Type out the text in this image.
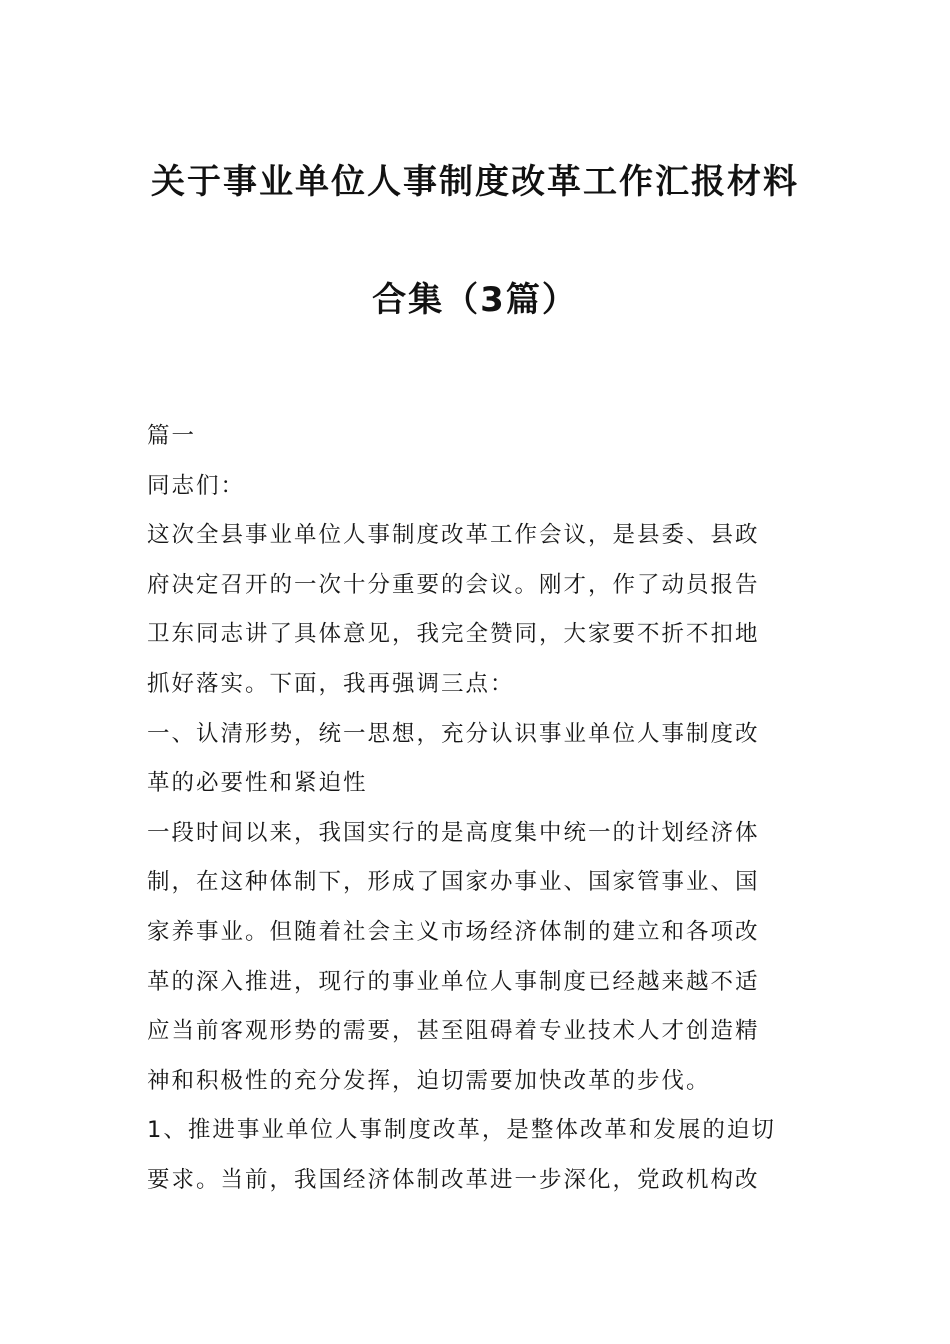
关于事业单位人事制度改革工作汇报材料
合集（3篇）

篇一

同志们：

这次全县事业单位人事制度改革工作会议，是县委、县政

府决定召开的一次十分重要的会议。刚才，作了动员报告

卫东同志讲了具体意见，我完全赞同，大家要不折不扣地

抓好落实。下面，我再强调三点：

一、认清形势，统一思想，充分认识事业单位人事制度改

革的必要性和紧迫性

一段时间以来，我国实行的是高度集中统一的计划经济体

制，在这种体制下，形成了国家办事业、国家管事业、国

家养事业。但随着社会主义市场经济体制的建立和各项改

革的深入推进，现行的事业单位人事制度已经越来越不适

应当前客观形势的需要，甚至阻碍着专业技术人才创造精

神和积极性的充分发挥，迫切需要加快改革的步伐。

1、推进事业单位人事制度改革，是整体改革和发展的迫切

要求。当前，我国经济体制改革进一步深化，党政机构改
